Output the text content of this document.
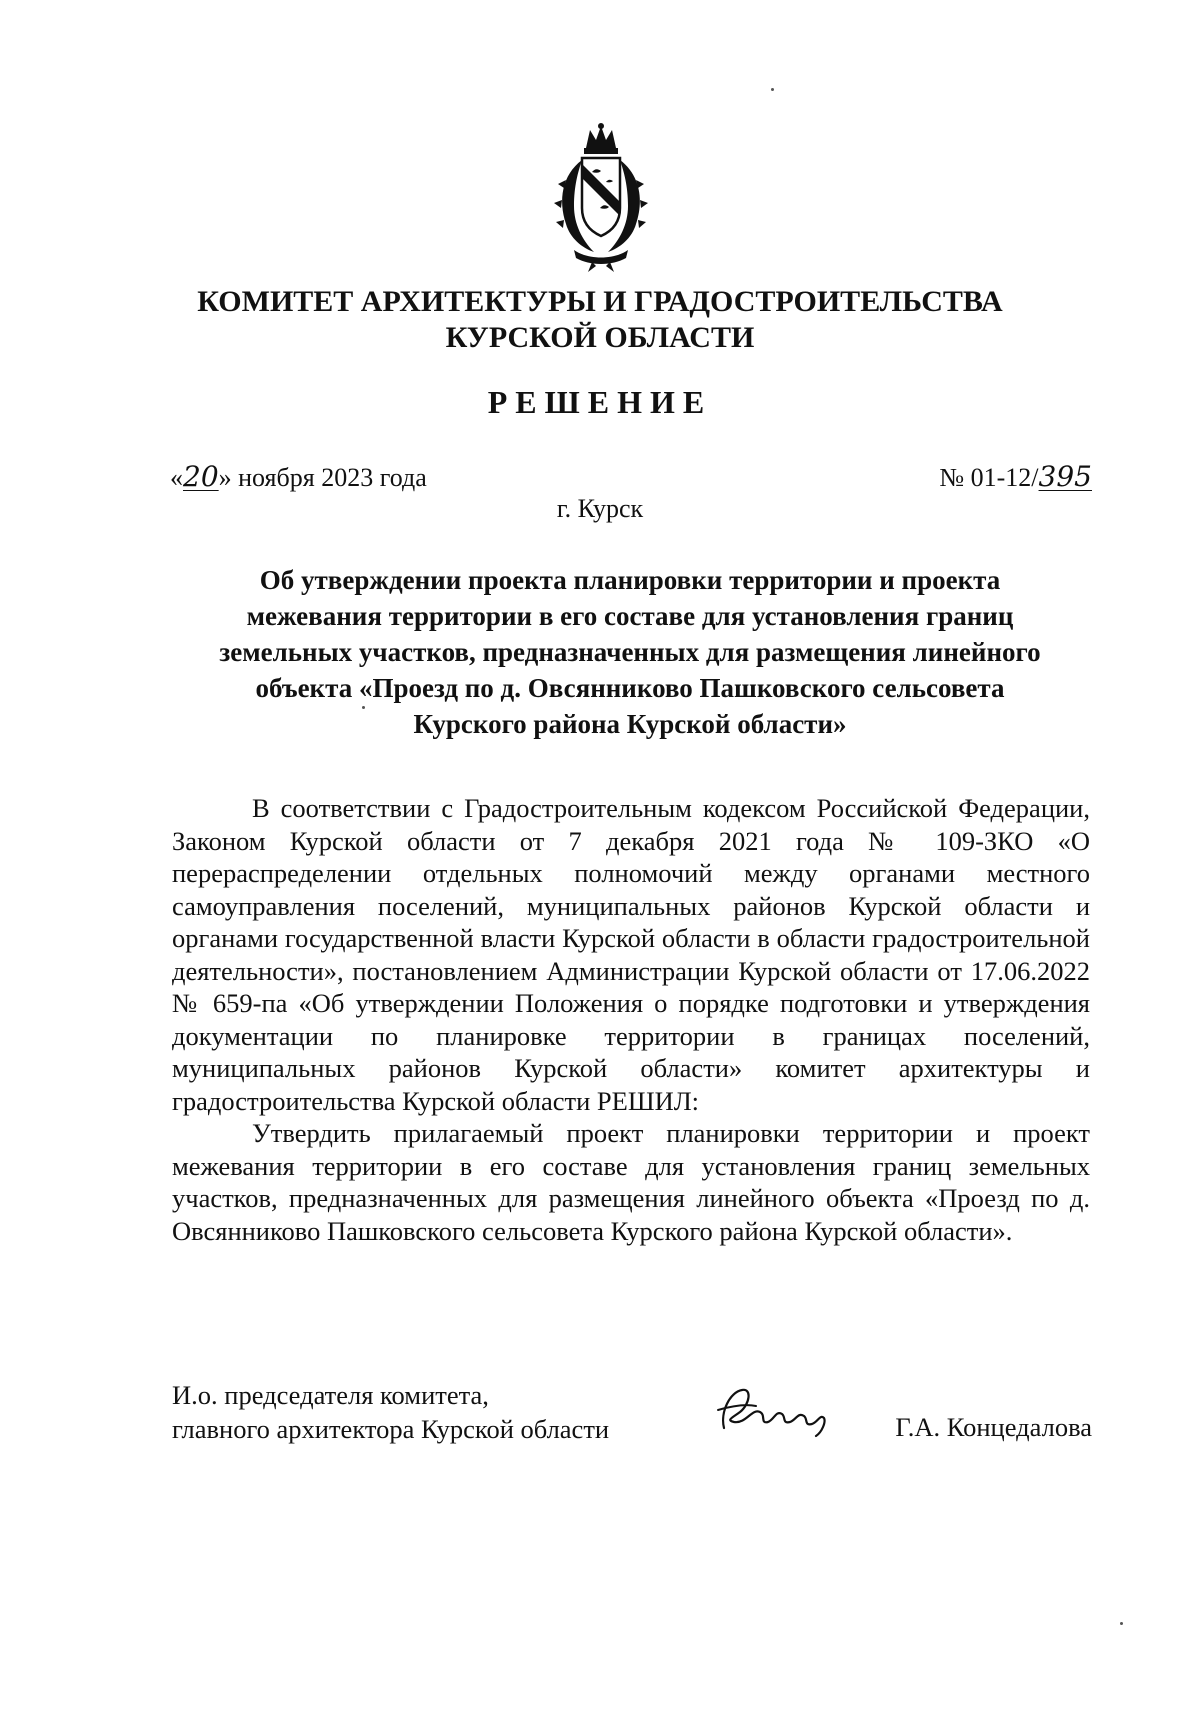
КОМИТЕТ АРХИТЕКТУРЫ И ГРАДОСТРОИТЕЛЬСТВА
КУРСКОЙ ОБЛАСТИ
РЕШЕНИЕ
«20» ноября 2023 года	№ 01-12/395
г. Курск
Об утверждении проекта планировки территории и проекта
межевания территории в его составе для установления границ
земельных участков, предназначенных для размещения линейного
объекта «Проезд по д. Овсянниково Пашковского сельсовета
Курского района Курской области»

В соответствии с Градостроительным кодексом Российской Федерации, Законом Курской области от 7 декабря 2021 года № 109-ЗКО «О перераспределении отдельных полномочий между органами местного самоуправления поселений, муниципальных районов Курской области и органами государственной власти Курской области в области градостроительной деятельности», постановлением Администрации Курской области от 17.06.2022 № 659-па «Об утверждении Положения о порядке подготовки и утверждения документации по планировке территории в границах поселений, муниципальных районов Курской области» комитет архитектуры и градостроительства Курской области РЕШИЛ:

Утвердить прилагаемый проект планировки территории и проект межевания территории в его составе для установления границ земельных участков, предназначенных для размещения линейного объекта «Проезд по д. Овсянниково Пашковского сельсовета Курского района Курской области».

И.о. председателя комитета,
главного архитектора Курской области	Г.А. Концедалова
